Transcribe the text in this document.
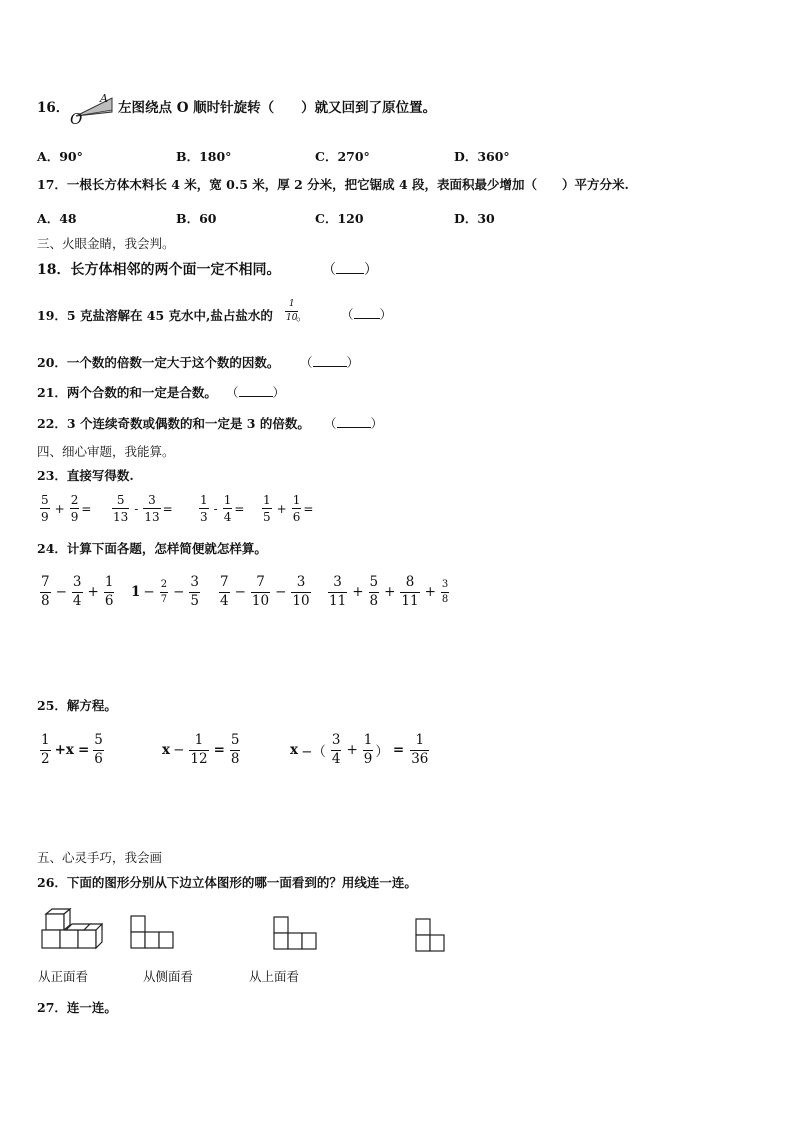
16．
O
A
左图绕点 O 顺时针旋转（　　）就又回到了原位置。
A．90°	B．180°	C．270°	D．360°
17．一根长方体木料长 4 米，宽 0.5 米，厚 2 分米，把它锯成 4 段，表面积最少增加（　　）平方分米.
A．48	B．60	C．120	D．30
三、火眼金睛，我会判。
18．长方体相邻的两个面一定不相同。	（ ）
19．5 克盐溶解在 45 克水中,盐占盐水的 $\frac{1}{10}$
。	（ ）
20．一个数的倍数一定大于这个数的因数。 （	）
21．两个合数的和一定是合数。 （	）
22．3 个连续奇数或偶数的和一定是 3 的倍数。 （	）
四、细心审题，我能算。
23．直接写得数.
$\frac{5}{9} + \frac{2}{9} = \frac{5}{13} - \frac{3}{13} = \frac{1}{3} - \frac{1}{4} = \frac{1}{5} + \frac{1}{6}$ =
24．计算下面各题，怎样简便就怎样算。
$\frac{7}{8} - \frac{3}{4} + \frac{1}{6} 1 - \frac{2}{7} - \frac{3}{5} \frac{7}{4} - \frac{7}{10} - \frac{3}{10} \frac{3}{11} + \frac{5}{8} + \frac{8}{11} + \frac{3}{8}$
25．解方程。
$\frac{1}{2} +x = \frac{5}{6}$	$x - \frac{1}{12} = \frac{5}{8}$	x −（ $\frac{3}{4} + \frac{1}{9}$ ） = $\frac{1}{36}$
五、心灵手巧，我会画
26．下面的图形分别从下边立体图形的哪一面看到的？用线连一连。
从正面看	从侧面看	从上面看
27．连一连。
